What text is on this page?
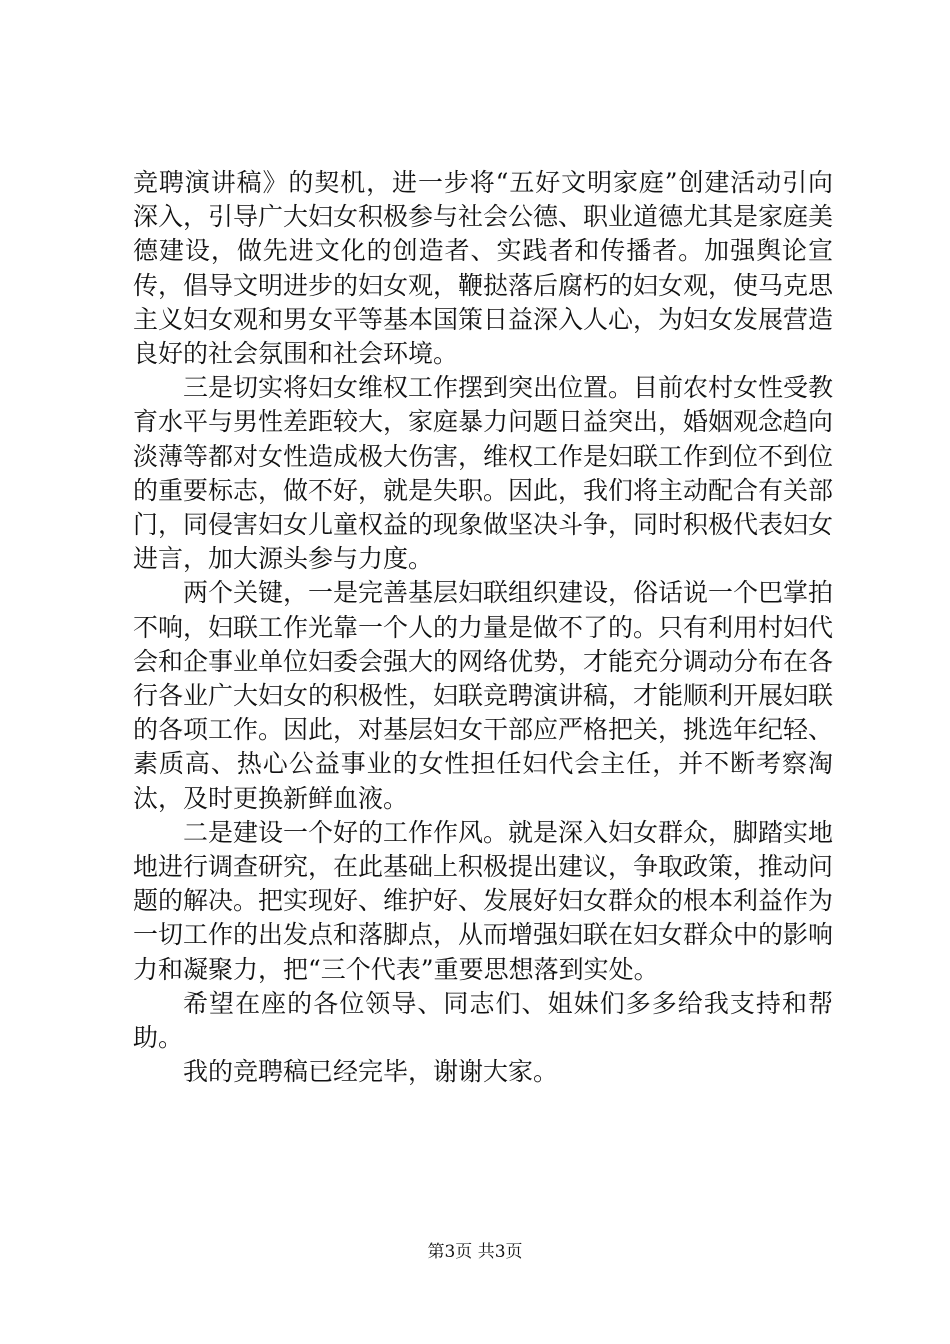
竞聘演讲稿》的契机，进一步将“五好文明家庭”创建活动引向深入，引导广大妇女积极参与社会公德、职业道德尤其是家庭美德建设，做先进文化的创造者、实践者和传播者。加强舆论宣传，倡导文明进步的妇女观，鞭挞落后腐朽的妇女观，使马克思主义妇女观和男女平等基本国策日益深入人心，为妇女发展营造良好的社会氛围和社会环境。

三是切实将妇女维权工作摆到突出位置。目前农村女性受教育水平与男性差距较大，家庭暴力问题日益突出，婚姻观念趋向淡薄等都对女性造成极大伤害，维权工作是妇联工作到位不到位的重要标志，做不好，就是失职。因此，我们将主动配合有关部门，同侵害妇女儿童权益的现象做坚决斗争，同时积极代表妇女进言，加大源头参与力度。

两个关键，一是完善基层妇联组织建设，俗话说一个巴掌拍不响，妇联工作光靠一个人的力量是做不了的。只有利用村妇代会和企事业单位妇委会强大的网络优势，才能充分调动分布在各行各业广大妇女的积极性，妇联竞聘演讲稿，才能顺利开展妇联的各项工作。因此，对基层妇女干部应严格把关，挑选年纪轻、素质高、热心公益事业的女性担任妇代会主任，并不断考察淘汰，及时更换新鲜血液。

二是建设一个好的工作作风。就是深入妇女群众，脚踏实地地进行调查研究，在此基础上积极提出建议，争取政策，推动问题的解决。把实现好、维护好、发展好妇女群众的根本利益作为一切工作的出发点和落脚点，从而增强妇联在妇女群众中的影响力和凝聚力，把“三个代表”重要思想落到实处。

希望在座的各位领导、同志们、姐妹们多多给我支持和帮助。

我的竞聘稿已经完毕，谢谢大家。

第3页 共3页
